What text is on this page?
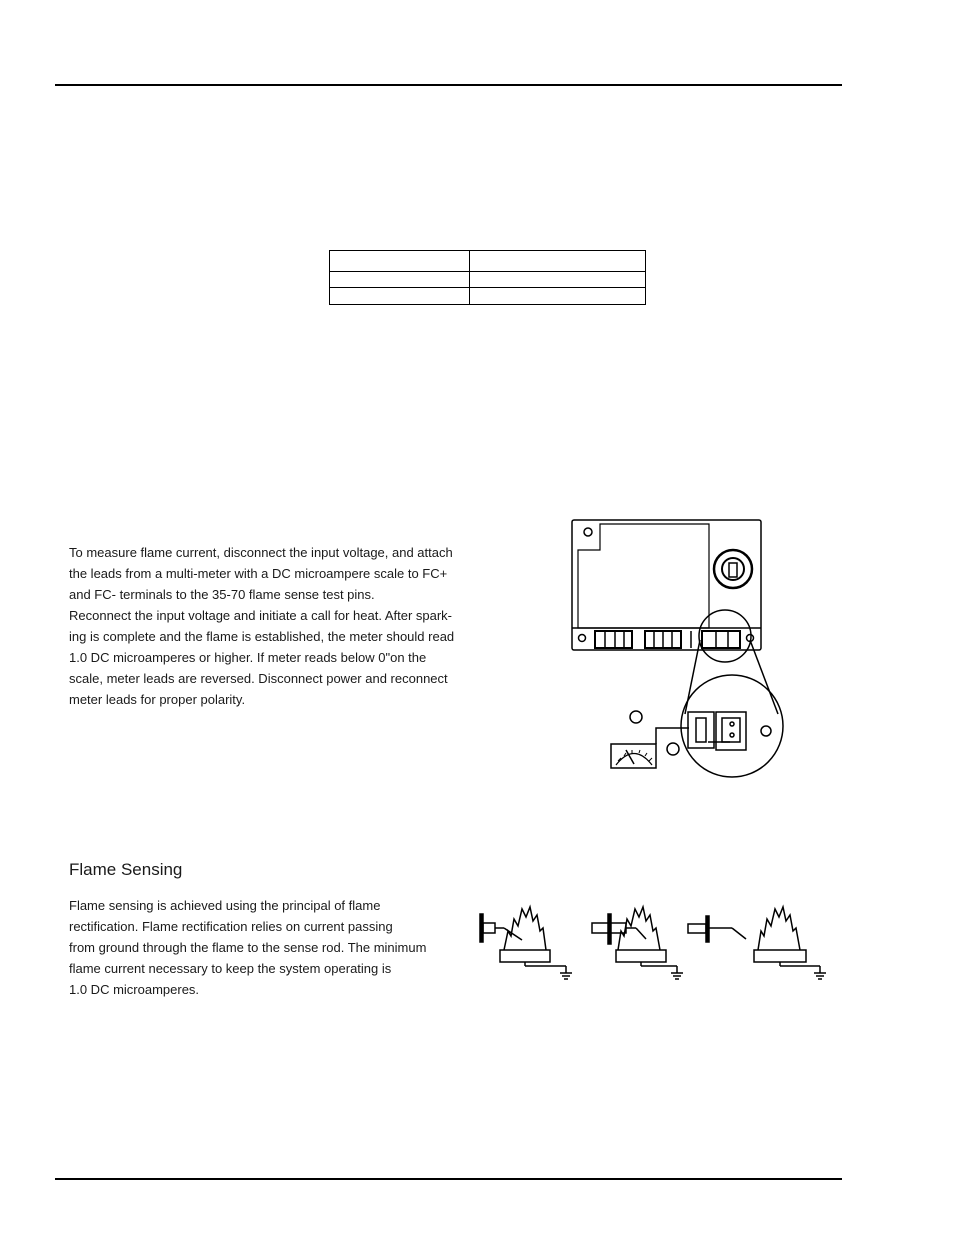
To measure flame current, disconnect the input voltage, and attach
the leads from a multi-meter with a DC microampere scale to FC+
and FC- terminals to the 35-70 flame sense test pins.
Reconnect the input voltage and initiate a call for heat. After spark-
ing is complete and the flame is established, the meter should read
1.0 DC microamperes or higher. If meter reads below 0"on the
scale, meter leads are reversed. Disconnect power and reconnect
meter leads for proper polarity.
Flame Sensing
Flame sensing is achieved using the principal of flame
rectification. Flame rectification relies on current passing
from ground through the flame to the sense rod. The minimum
flame current necessary to keep the system operating is
1.0 DC microamperes.
